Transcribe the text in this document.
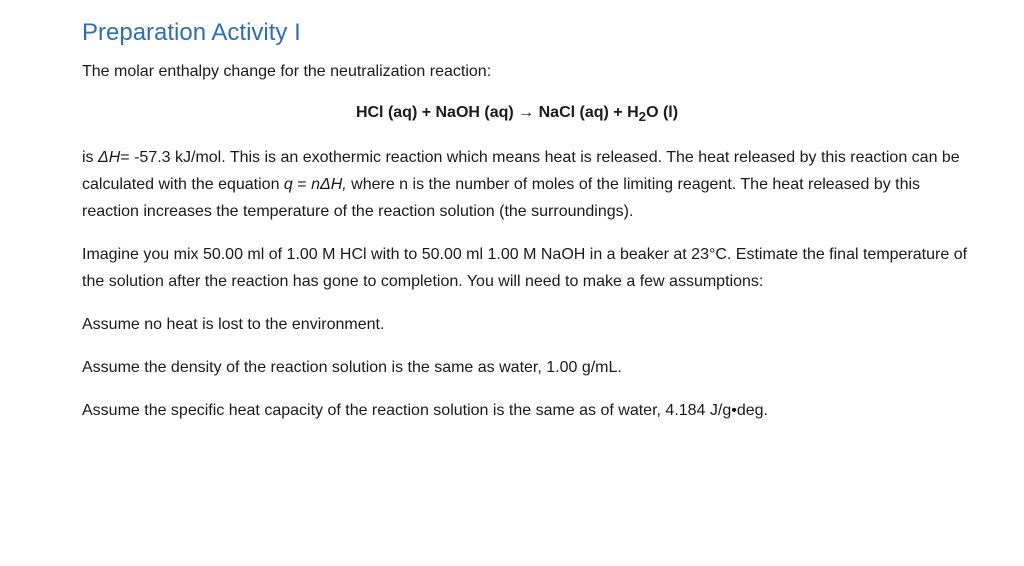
Preparation Activity I

The molar enthalpy change for the neutralization reaction:

HCl (aq) + NaOH (aq) → NaCl $(aq) + H_2O$ (l)

is ΔH= -57.3 kJ/mol. This is an exothermic reaction which means heat is released. The heat released by this reaction can be calculated with the equation q = nΔH, where n is the number of moles of the limiting reagent. The heat released by this reaction increases the temperature of the reaction solution (the surroundings).

Imagine you mix 50.00 ml of 1.00 M HCl with to 50.00 ml 1.00 M NaOH in a beaker at 23°C. Estimate the final temperature of the solution after the reaction has gone to completion. You will need to make a few assumptions:

Assume no heat is lost to the environment.

Assume the density of the reaction solution is the same as water, 1.00 g/mL.

Assume the specific heat capacity of the reaction solution is the same as of water, 4.184 J/g•deg.
